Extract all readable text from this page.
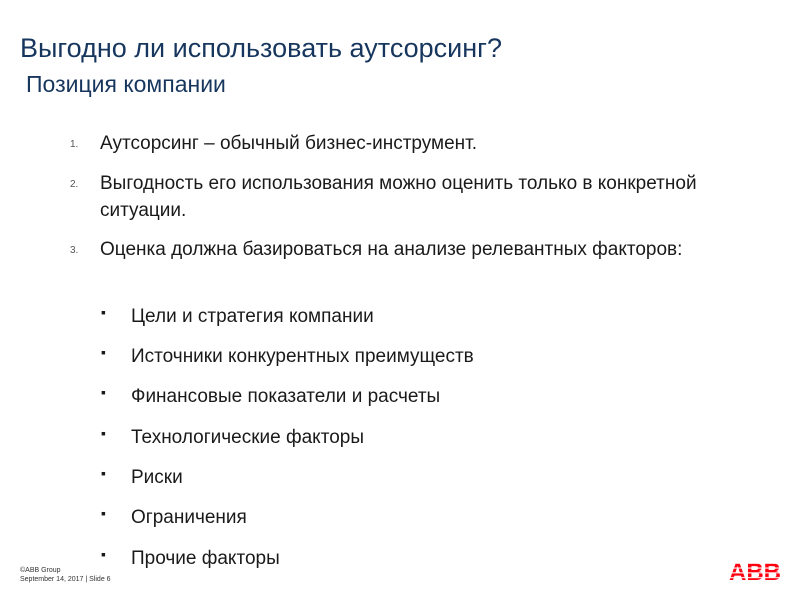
Выгодно ли использовать аутсорсинг?
Позиция компании

1. Аутсорсинг – обычный бизнес-инструмент.

2. Выгодность его использования можно оценить только в конкретной ситуации.

3. Оценка должна базироваться на анализе релевантных факторов:

▪ Цели и стратегия компании

▪ Источники конкурентных преимуществ

▪ Финансовые показатели и расчеты

▪ Технологические факторы

▪ Риски

▪ Ограничения

▪ Прочие факторы

©ABB Group
September 14, 2017 | Slide 6	ABB
